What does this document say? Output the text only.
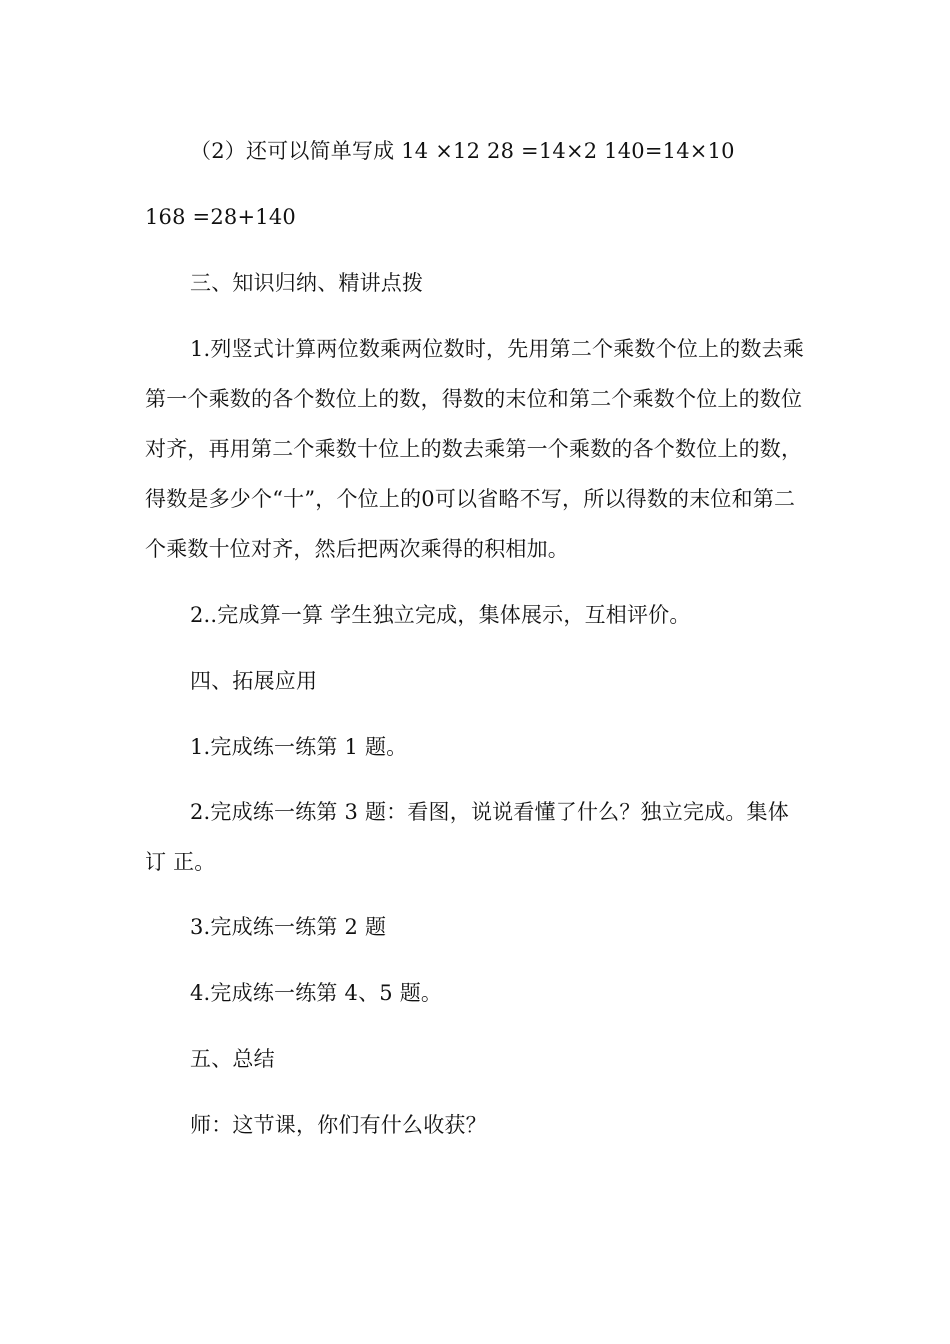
（2）还可以简单写成 14 ×12 28 =14×2 140=14×10
168 =28+140
三、知识归纳、精讲点拨
1.列竖式计算两位数乘两位数时，先用第二个乘数个位上的数去乘第一个乘数的各个数位上的数，得数的末位和第二个乘数个位上的数位对齐，再用第二个乘数十位上的数去乘第一个乘数的各个数位上的数，得数是多少个“十”，个位上的0可以省略不写，所以得数的末位和第二个乘数十位对齐，然后把两次乘得的积相加。
2..完成算一算 学生独立完成，集体展示，互相评价。
四、拓展应用
1.完成练一练第 1 题。
2.完成练一练第 3 题：看图，说说看懂了什么？独立完成。集体订 正。
3.完成练一练第 2 题
4.完成练一练第 4、5 题。
五、总结
师：这节课，你们有什么收获？
